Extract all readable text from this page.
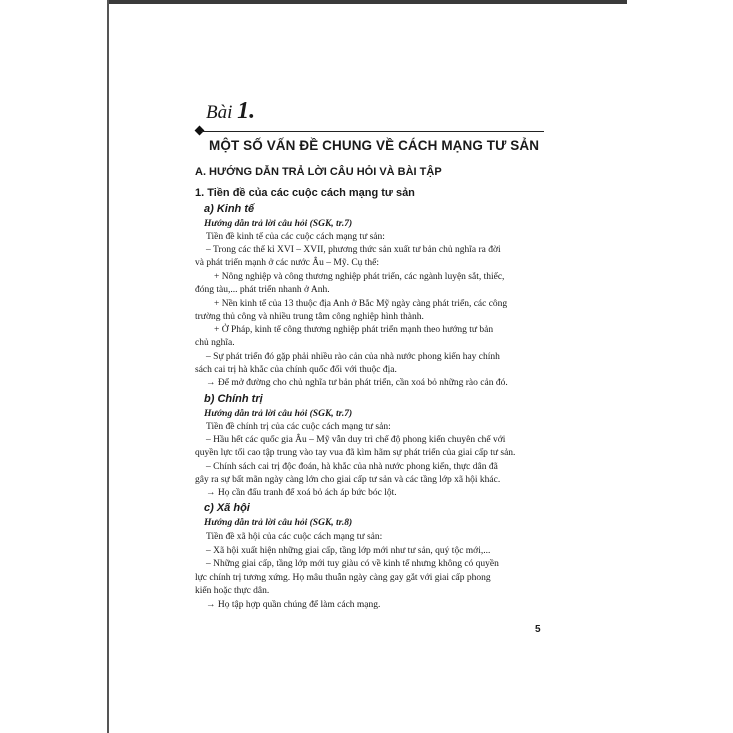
Bài 1.
MỘT SỐ VẤN ĐỀ CHUNG VỀ CÁCH MẠNG TƯ SẢN
A. HƯỚNG DẪN TRẢ LỜI CÂU HỎI VÀ BÀI TẬP
1. Tiền đề của các cuộc cách mạng tư sản
a) Kinh tế
Hướng dẫn trả lời câu hỏi (SGK, tr.7)
Tiền đề kinh tế của các cuộc cách mạng tư sản:
– Trong các thế kỉ XVI – XVII, phương thức sản xuất tư bản chủ nghĩa ra đời
và phát triển mạnh ở các nước Âu – Mỹ. Cụ thể:
+ Nông nghiệp và công thương nghiệp phát triển, các ngành luyện sắt, thiếc,
đóng tàu,... phát triển nhanh ở Anh.
+ Nền kinh tế của 13 thuộc địa Anh ở Bắc Mỹ ngày càng phát triển, các công
trường thủ công và nhiều trung tâm công nghiệp hình thành.
+ Ở Pháp, kinh tế công thương nghiệp phát triển mạnh theo hướng tư bản
chủ nghĩa.
– Sự phát triển đó gặp phải nhiều rào cản của nhà nước phong kiến hay chính
sách cai trị hà khắc của chính quốc đối với thuộc địa.
→ Để mở đường cho chủ nghĩa tư bản phát triển, cần xoá bỏ những rào cản đó.
b) Chính trị
Hướng dẫn trả lời câu hỏi (SGK, tr.7)
Tiền đề chính trị của các cuộc cách mạng tư sản:
– Hầu hết các quốc gia Âu – Mỹ vẫn duy trì chế độ phong kiến chuyên chế với
quyền lực tối cao tập trung vào tay vua đã kìm hãm sự phát triển của giai cấp tư sản.
– Chính sách cai trị độc đoán, hà khắc của nhà nước phong kiến, thực dân đã
gây ra sự bất mãn ngày càng lớn cho giai cấp tư sản và các tầng lớp xã hội khác.
→ Họ cần đấu tranh để xoá bỏ ách áp bức bóc lột.
c) Xã hội
Hướng dẫn trả lời câu hỏi (SGK, tr.8)
Tiền đề xã hội của các cuộc cách mạng tư sản:
– Xã hội xuất hiện những giai cấp, tầng lớp mới như tư sản, quý tộc mới,...
– Những giai cấp, tầng lớp mới tuy giàu có về kinh tế nhưng không có quyền
lực chính trị tương xứng. Họ mâu thuẫn ngày càng gay gắt với giai cấp phong
kiến hoặc thực dân.
→ Họ tập hợp quần chúng để làm cách mạng.
5
